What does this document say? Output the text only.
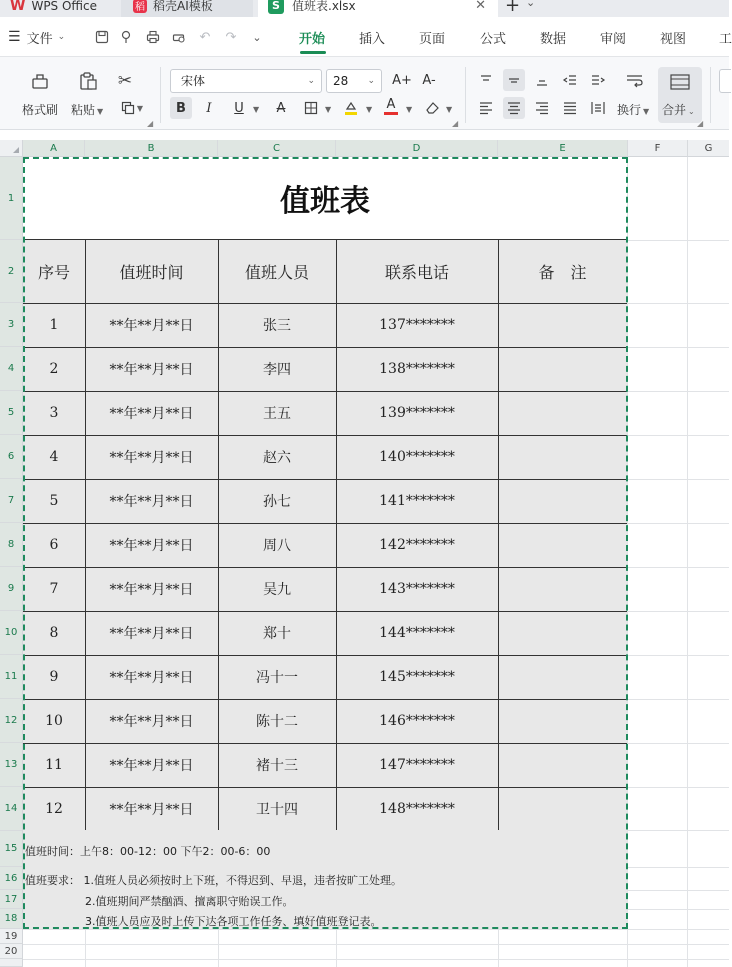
W WPS Office	稻 稻壳AI模板	S	值班表.xlsx	✕ + ⌄
☰ 文件 ⌄	↶ ↷	⌄	开始	插入	页面	公式	数据	审阅	视图	工
格式刷 粘贴 ▼
✂
▼
◢
宋体	⌄	28 ⌄ A+ A-
B	I	U	▼	A	▼	▼ A ▼	▼
◢
换行 ▼ 合并 ⌄
◢
A	B	C	D	E	F	G
1
2
3
4
5
6
7
8
9
10
11
12
13
14
15
16
17
18
19
20
值班表
序号	值班时间	值班人员	联系电话	备　注
1	**年**月**日	张三	137*******
2	**年**月**日	李四	138*******
3	**年**月**日	王五	139*******
4	**年**月**日	赵六	140*******
5	**年**月**日	孙七	141*******
6	**年**月**日	周八	142*******
7	**年**月**日	吴九	143*******
8	**年**月**日	郑十	144*******
9	**年**月**日	冯十一	145*******
10	**年**月**日	陈十二	146*******
11	**年**月**日	褚十三	147*******
12	**年**月**日	卫十四	148*******
值班时间：上午8：00-12：00 下午2：00-6：00
值班要求： 1.值班人员必须按时上下班，不得迟到、早退，违者按旷工处理。
2.值班期间严禁酗酒、擅离职守贻误工作。
3.值班人员应及时上传下达各项工作任务、填好值班登记表。
